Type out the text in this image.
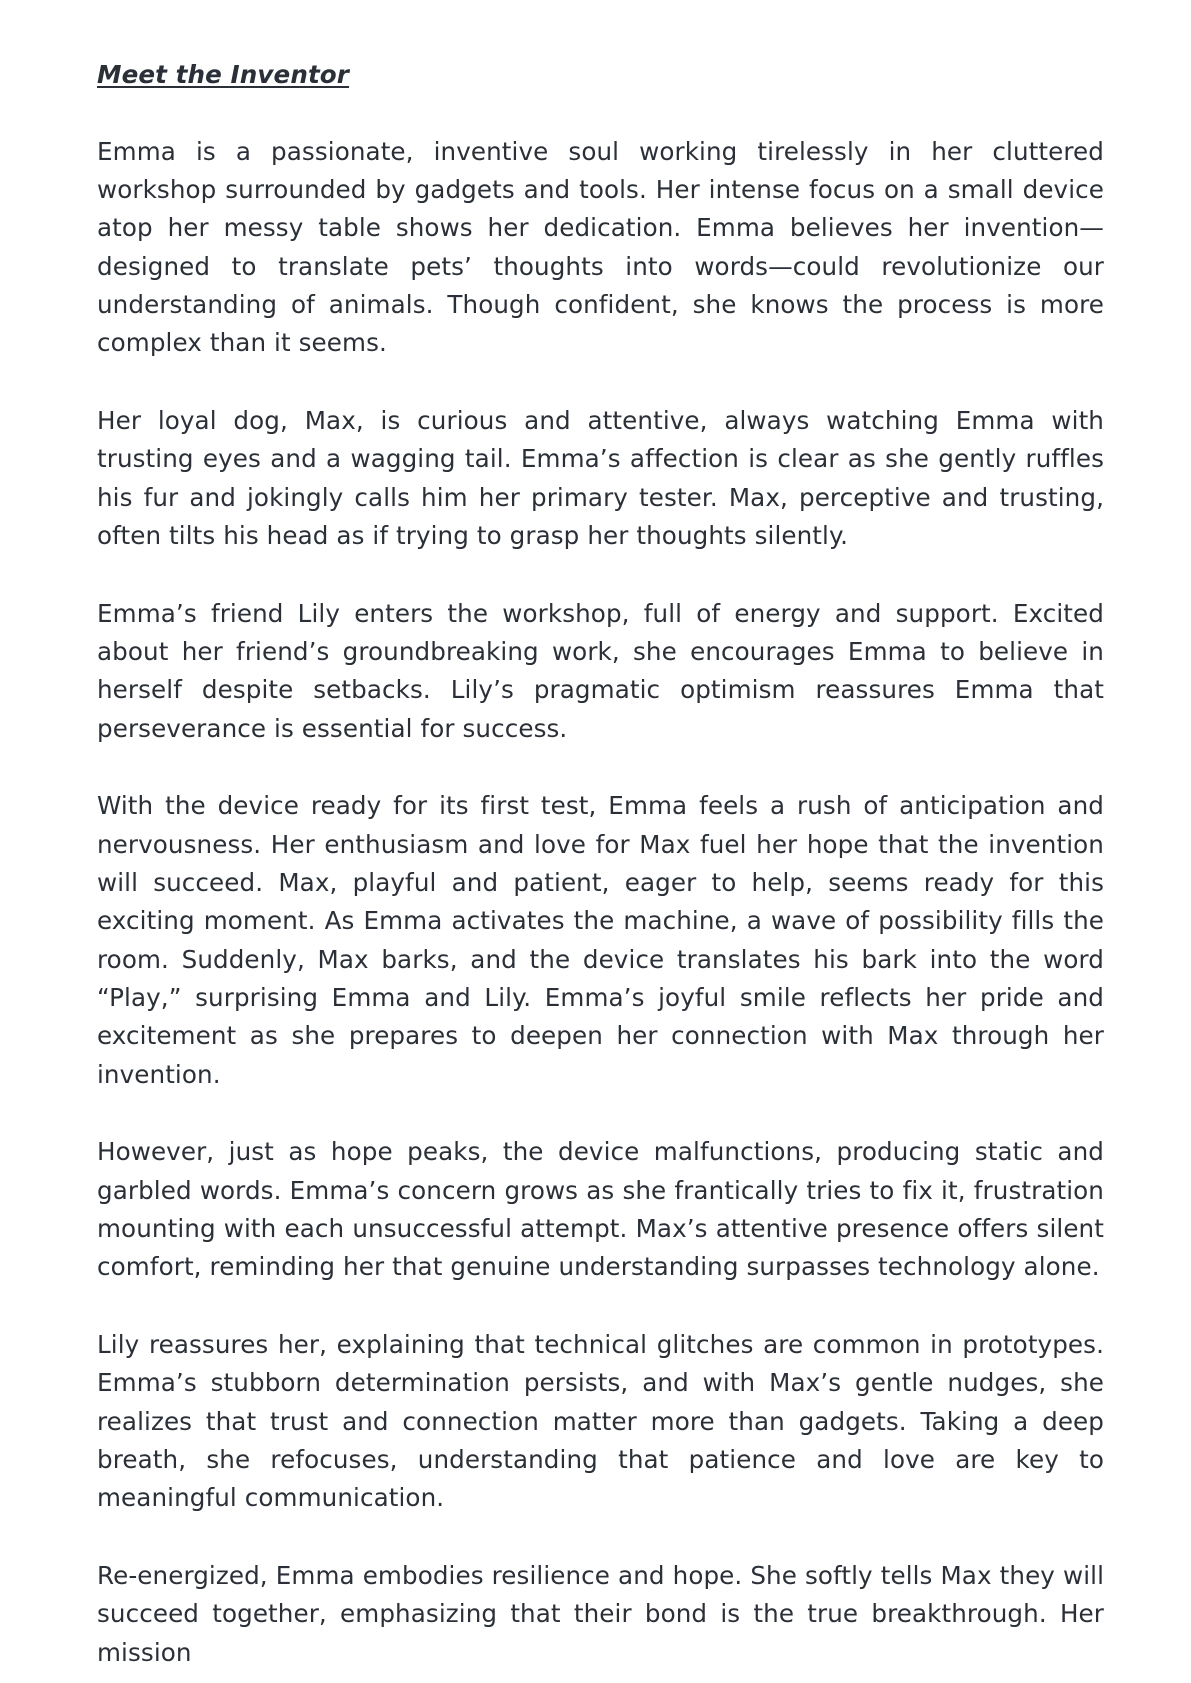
Meet the Inventor

Emma is a passionate, inventive soul working tirelessly in her cluttered workshop surrounded by gadgets and tools. Her intense focus on a small device atop her messy table shows her dedication. Emma believes her invention—designed to translate pets’ thoughts into words—could revolutionize our understanding of animals. Though confident, she knows the process is more complex than it seems.

Her loyal dog, Max, is curious and attentive, always watching Emma with trusting eyes and a wagging tail. Emma’s affection is clear as she gently ruffles his fur and jokingly calls him her primary tester. Max, perceptive and trusting, often tilts his head as if trying to grasp her thoughts silently.

Emma’s friend Lily enters the workshop, full of energy and support. Excited about her friend’s groundbreaking work, she encourages Emma to believe in herself despite setbacks. Lily’s pragmatic optimism reassures Emma that perseverance is essential for success.

With the device ready for its first test, Emma feels a rush of anticipation and nervousness. Her enthusiasm and love for Max fuel her hope that the invention will succeed. Max, playful and patient, eager to help, seems ready for this exciting moment. As Emma activates the machine, a wave of possibility fills the room. Suddenly, Max barks, and the device translates his bark into the word “Play,” surprising Emma and Lily. Emma’s joyful smile reflects her pride and excitement as she prepares to deepen her connection with Max through her invention.

However, just as hope peaks, the device malfunctions, producing static and garbled words. Emma’s concern grows as she frantically tries to fix it, frustration mounting with each unsuccessful attempt. Max’s attentive presence offers silent comfort, reminding her that genuine understanding surpasses technology alone.

Lily reassures her, explaining that technical glitches are common in prototypes. Emma’s stubborn determination persists, and with Max’s gentle nudges, she realizes that trust and connection matter more than gadgets. Taking a deep breath, she refocuses, understanding that patience and love are key to meaningful communication.

Re-energized, Emma embodies resilience and hope. She softly tells Max they will succeed together, emphasizing that their bond is the true breakthrough. Her mission
